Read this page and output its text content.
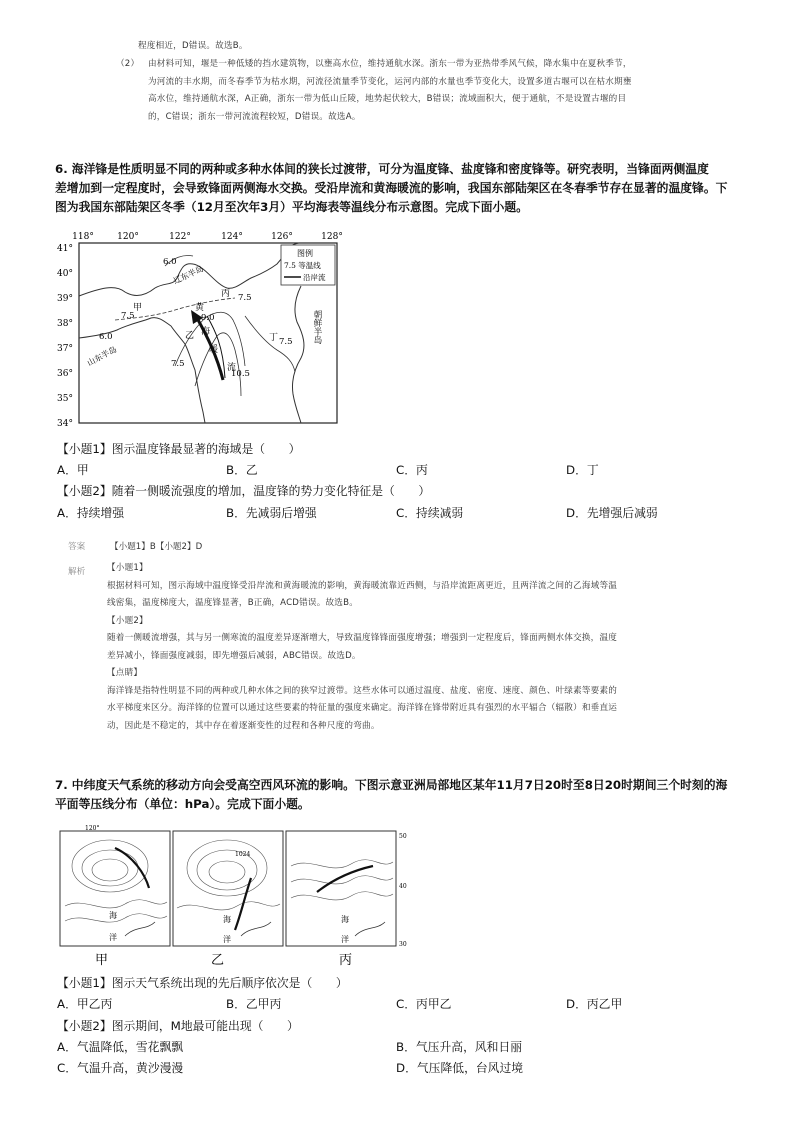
程度相近，D错误。故选B。
（2） 由材料可知，堰是一种低矮的挡水建筑物，以壅高水位，维持通航水深。浙东一带为亚热带季风气候，降水集中在夏秋季节，
为河流的丰水期，而冬春季节为枯水期，河流径流量季节变化，运河内部的水量也季节变化大，设置多道古堰可以在枯水期壅
高水位，维持通航水深，A正确，浙东一带为低山丘陵，地势起伏较大，B错误；流域面积大，便于通航，不是设置古堰的目
的，C错误；浙东一带河流流程较短，D错误。故选A。
6. 海洋锋是性质明显不同的两种或多种水体间的狭长过渡带，可分为温度锋、盐度锋和密度锋等。研究表明，当锋面两侧温度
差增加到一定程度时，会导致锋面两侧海水交换。受沿岸流和黄海暖流的影响，我国东部陆架区在冬春季节存在显著的温度锋。下
图为我国东部陆架区冬季（12月至次年3月）平均海表等温线分布示意图。完成下面小题。
118°	120°	122°	124°	126°	128°
41°
40°
39°
38°
37°
36°
35°
34°
6.0
7.5
9.0
10.5
7.5
6.0	7.5
7.5
甲
乙
丙
丁
黄
海
暖
流
辽东半岛
山东半岛
朝鲜半岛
图例
7.5 等温线
沿岸流
【小题1】图示温度锋最显著的海域是（　　）
A．甲	B．乙	C．丙	D．丁
【小题2】随着一侧暖流强度的增加，温度锋的势力变化特征是（　　）
A．持续增强	B．先减弱后增强	C．持续减弱	D．先增强后减弱
答案	【小题1】B【小题2】D
解析	【小题1】
根据材料可知，图示海域中温度锋受沿岸流和黄海暖流的影响，黄海暖流靠近西侧，与沿岸流距离更近，且两洋流之间的乙海域等温
线密集，温度梯度大，温度锋显著，B正确，ACD错误。故选B。
【小题2】
随着一侧暖流增强，其与另一侧寒流的温度差异逐渐增大，导致温度锋锋面强度增强；增强到一定程度后，锋面两侧水体交换，温度
差异减小，锋面强度减弱，即先增强后减弱，ABC错误。故选D。
【点睛】
海洋锋是指特性明显不同的两种或几种水体之间的狭窄过渡带。这些水体可以通过温度、盐度、密度、速度、颜色、叶绿素等要素的
水平梯度来区分。海洋锋的位置可以通过这些要素的特征量的强度来确定。海洋锋在锋带附近具有强烈的水平辐合（辐散）和垂直运
动，因此是不稳定的，其中存在着逐渐变性的过程和各种尺度的弯曲。
7. 中纬度天气系统的移动方向会受高空西风环流的影响。下图示意亚洲局部地区某年11月7日20时至8日20时期间三个时刻的海
平面等压线分布（单位：hPa）。完成下面小题。
120°
海
洋
甲
1024
海
洋
乙
50
40
30
海
洋
丙
【小题1】图示天气系统出现的先后顺序依次是（　　）
A．甲乙丙	B．乙甲丙	C．丙甲乙	D．丙乙甲
【小题2】图示期间，M地最可能出现（　　）
A．气温降低，雪花飘飘	B．气压升高，风和日丽
C．气温升高，黄沙漫漫	D．气压降低，台风过境
